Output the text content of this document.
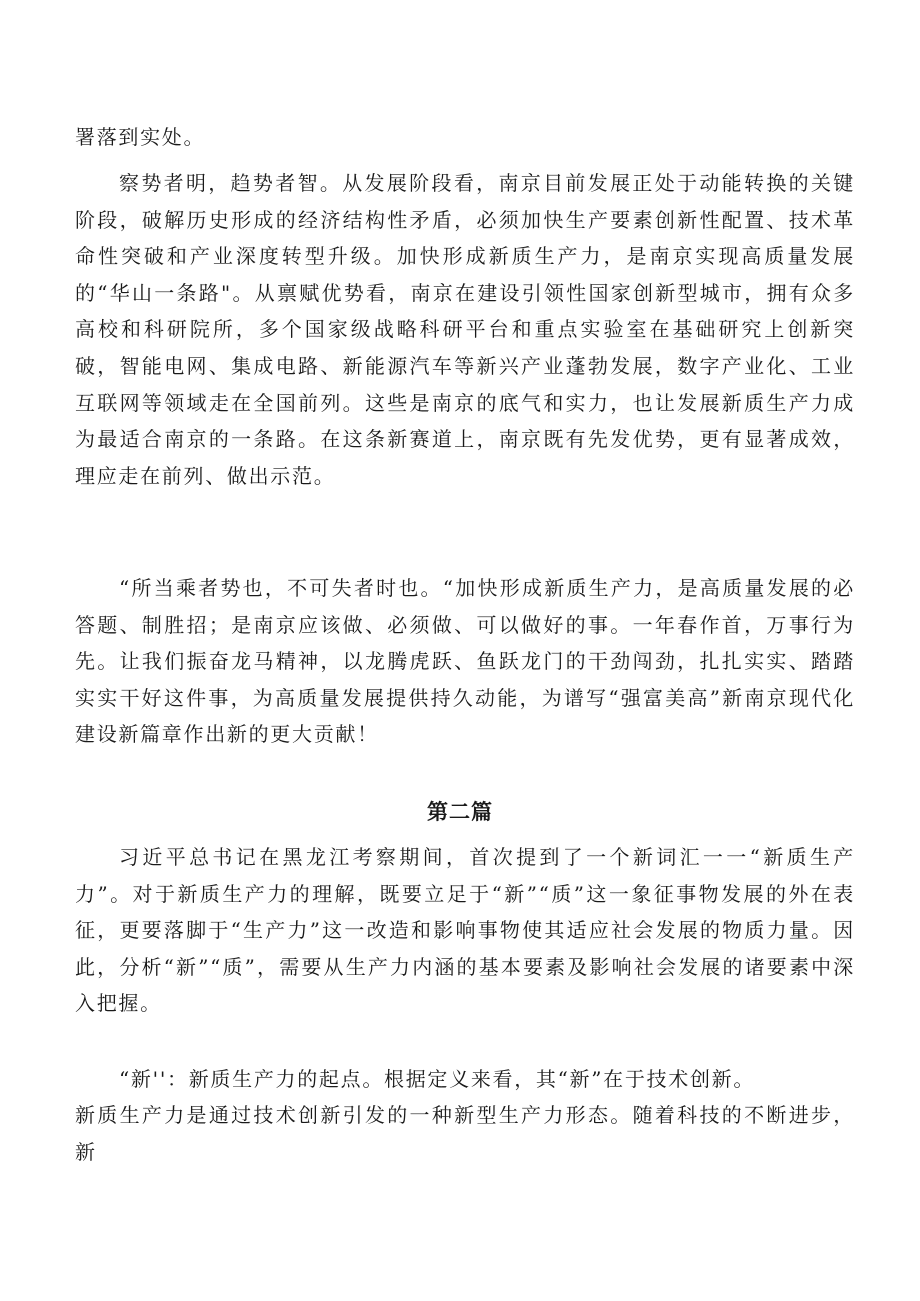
署落到实处。

察势者明，趋势者智。从发展阶段看，南京目前发展正处于动能转换的关键阶段，破解历史形成的经济结构性矛盾，必须加快生产要素创新性配置、技术革命性突破和产业深度转型升级。加快形成新质生产力，是南京实现高质量发展的“华山一条路"。从禀赋优势看，南京在建设引领性国家创新型城市，拥有众多高校和科研院所，多个国家级战略科研平台和重点实验室在基础研究上创新突破，智能电网、集成电路、新能源汽车等新兴产业蓬勃发展，数字产业化、工业互联网等领域走在全国前列。这些是南京的底气和实力，也让发展新质生产力成为最适合南京的一条路。在这条新赛道上，南京既有先发优势，更有显著成效，理应走在前列、做出示范。

“所当乘者势也，不可失者时也。“加快形成新质生产力，是高质量发展的必答题、制胜招；是南京应该做、必须做、可以做好的事。一年春作首，万事行为先。让我们振奋龙马精神，以龙腾虎跃、鱼跃龙门的干劲闯劲，扎扎实实、踏踏实实干好这件事，为高质量发展提供持久动能，为谱写“强富美高”新南京现代化建设新篇章作出新的更大贡献！

第二篇

习近平总书记在黑龙江考察期间，首次提到了一个新词汇一一“新质生产力”。对于新质生产力的理解，既要立足于“新”“质”这一象征事物发展的外在表征，更要落脚于“生产力”这一改造和影响事物使其适应社会发展的物质力量。因此，分析“新”“质”，需要从生产力内涵的基本要素及影响社会发展的诸要素中深入把握。

“新''：新质生产力的起点。根据定义来看，其“新”在于技术创新。

新质生产力是通过技术创新引发的一种新型生产力形态。随着科技的不断进步，新
